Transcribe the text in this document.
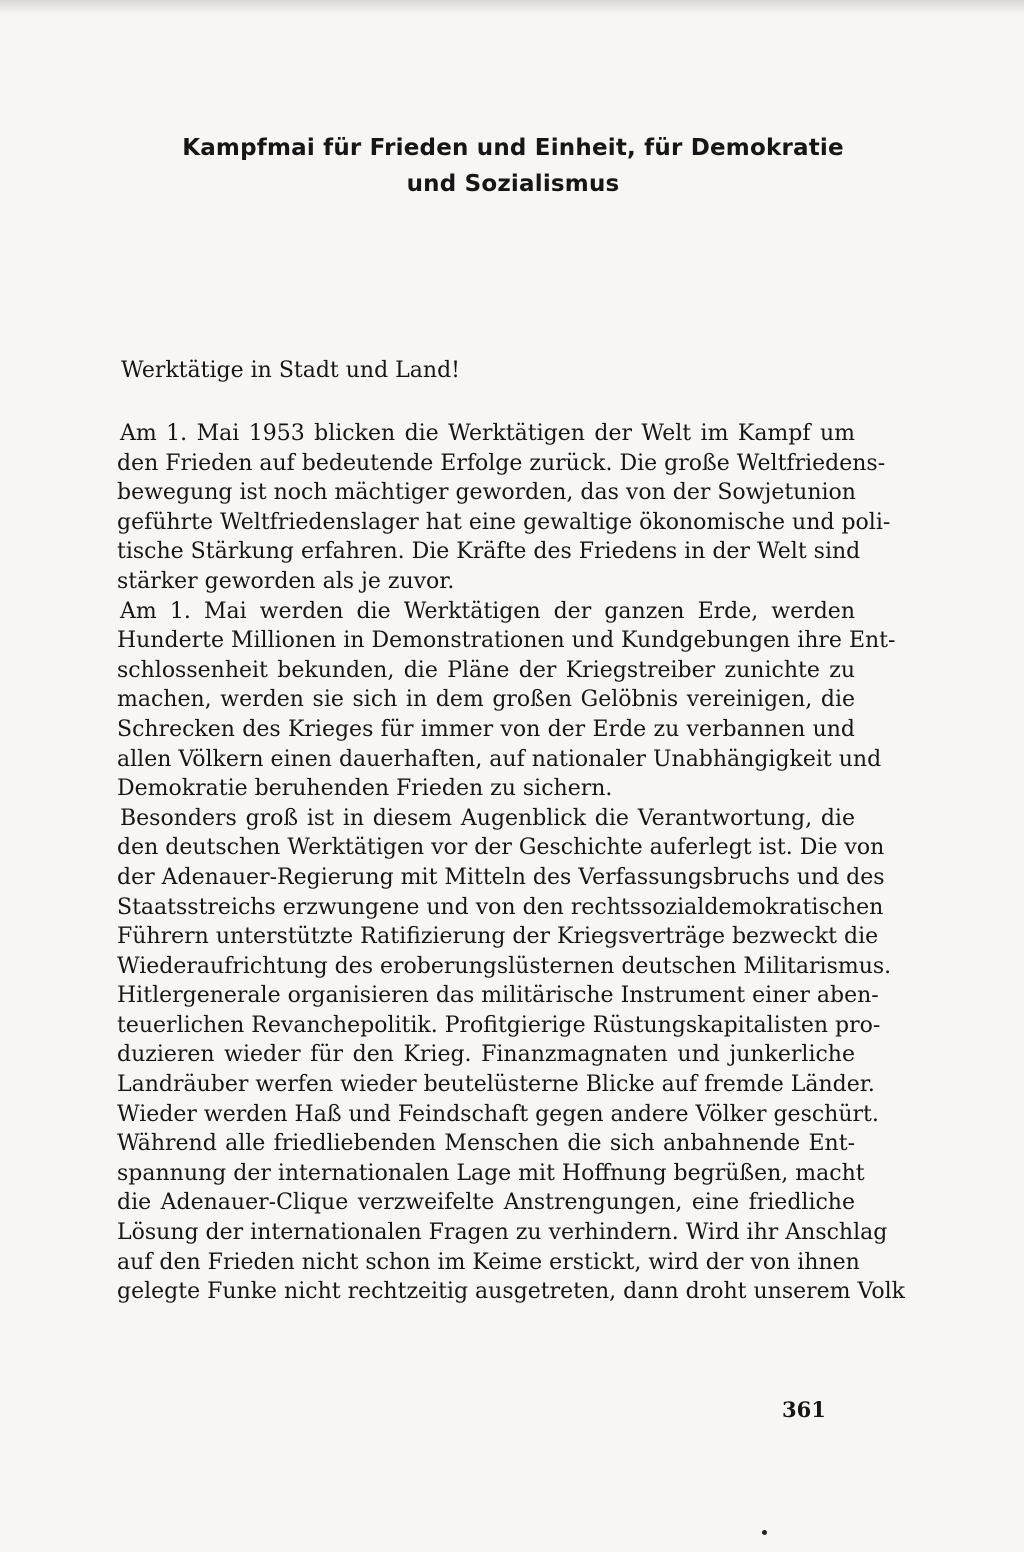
Kampfmai für Frieden und Einheit, für Demokratie
und Sozialismus

Werktätige in Stadt und Land!

Am 1. Mai 1953 blicken die Werktätigen der Welt im Kampf um
den Frieden auf bedeutende Erfolge zurück. Die große Weltfriedens-
bewegung ist noch mächtiger geworden, das von der Sowjetunion
geführte Weltfriedenslager hat eine gewaltige ökonomische und poli-
tische Stärkung erfahren. Die Kräfte des Friedens in der Welt sind
stärker geworden als je zuvor.

Am 1. Mai werden die Werktätigen der ganzen Erde, werden
Hunderte Millionen in Demonstrationen und Kundgebungen ihre Ent-
schlossenheit bekunden, die Pläne der Kriegstreiber zunichte zu
machen, werden sie sich in dem großen Gelöbnis vereinigen, die
Schrecken des Krieges für immer von der Erde zu verbannen und
allen Völkern einen dauerhaften, auf nationaler Unabhängigkeit und
Demokratie beruhenden Frieden zu sichern.

Besonders groß ist in diesem Augenblick die Verantwortung, die
den deutschen Werktätigen vor der Geschichte auferlegt ist. Die von
der Adenauer-Regierung mit Mitteln des Verfassungsbruchs und des
Staatsstreichs erzwungene und von den rechtssozialdemokratischen
Führern unterstützte Ratifizierung der Kriegsverträge bezweckt die
Wiederaufrichtung des eroberungslüsternen deutschen Militarismus.
Hitlergenerale organisieren das militärische Instrument einer aben-
teuerlichen Revanchepolitik. Profitgierige Rüstungskapitalisten pro-
duzieren wieder für den Krieg. Finanzmagnaten und junkerliche
Landräuber werfen wieder beutelüsterne Blicke auf fremde Länder.
Wieder werden Haß und Feindschaft gegen andere Völker geschürt.
Während alle friedliebenden Menschen die sich anbahnende Ent-
spannung der internationalen Lage mit Hoffnung begrüßen, macht
die Adenauer-Clique verzweifelte Anstrengungen, eine friedliche
Lösung der internationalen Fragen zu verhindern. Wird ihr Anschlag
auf den Frieden nicht schon im Keime erstickt, wird der von ihnen
gelegte Funke nicht rechtzeitig ausgetreten, dann droht unserem Volk

361
